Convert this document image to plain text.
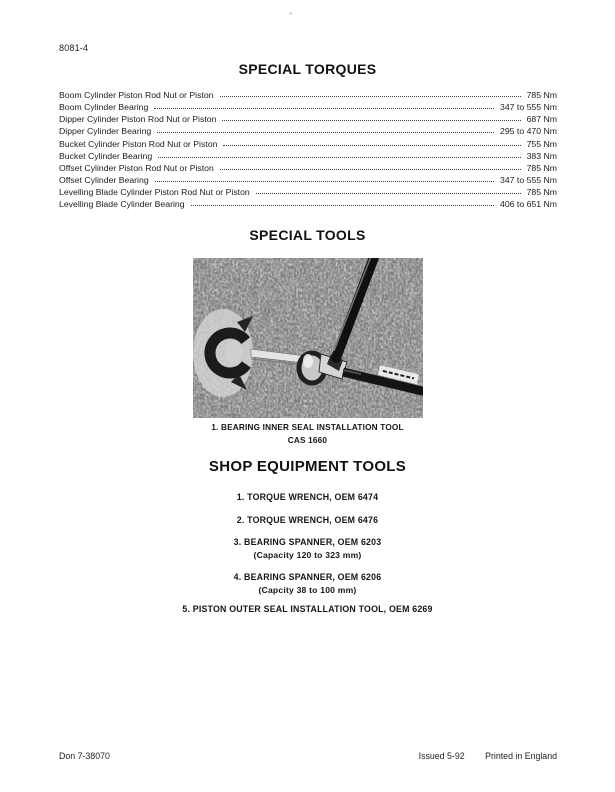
8081-4
SPECIAL TORQUES
Boom Cylinder Piston Rod Nut or Piston	785 Nm
Boom Cylinder Bearing	347 to 555 Nm
Dipper Cylinder Piston Rod Nut or Piston	687 Nm
Dipper Cylinder Bearing	295 to 470 Nm
Bucket Cylinder Piston Rod Nut or Piston	755 Nm
Bucket Cylinder Bearing	383 Nm
Offset Cylinder Piston Rod Nut or Piston	785 Nm
Offset Cylinder Bearing	347 to 555 Nm
Levelling Blade Cylinder Piston Rod Nut or Piston	785 Nm
Levelling Blade Cylinder Bearing	406 to 651 Nm
SPECIAL TOOLS
1. BEARING INNER SEAL INSTALLATION TOOL
CAS 1660
SHOP EQUIPMENT TOOLS
1. TORQUE WRENCH, OEM 6474
2. TORQUE WRENCH, OEM 6476
3. BEARING SPANNER, OEM 6203
(Capacity 120 to 323 mm)
4. BEARING SPANNER, OEM 6206
(Capcity 38 to 100 mm)
5. PISTON OUTER SEAL INSTALLATION TOOL, OEM 6269
Don 7-38070	Issued 5-92 Printed in England
